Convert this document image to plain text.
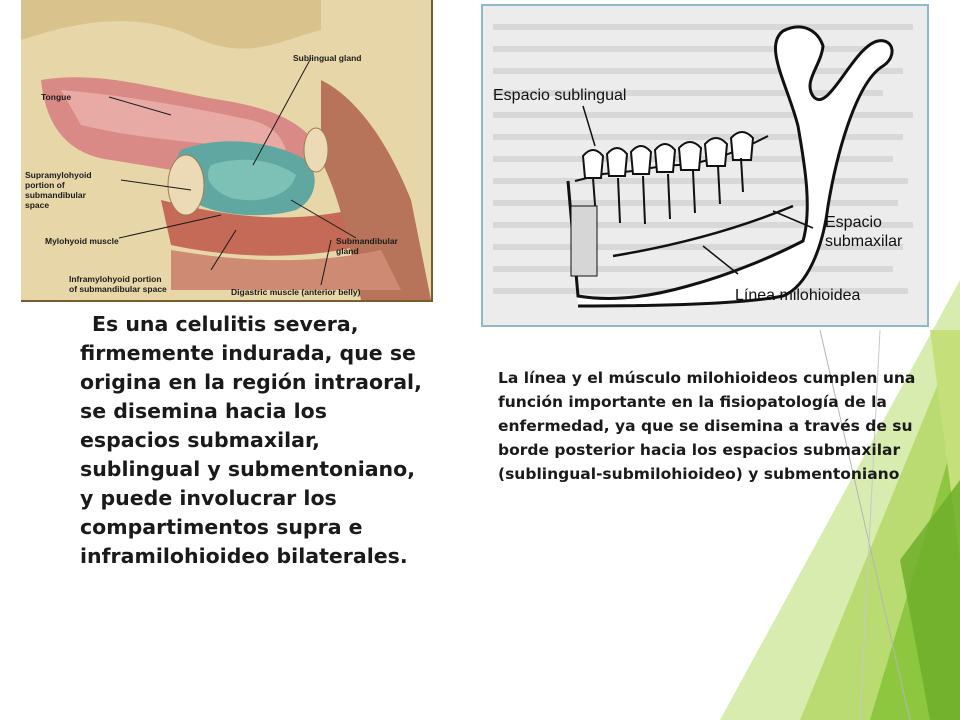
Sublingual gland
Tongue
Supramylohyoid
portion of
submandibular
space
Mylohyoid muscle	Submandibular
gland
Inframylohyoid portion
of submandibular space	Digastric muscle (anterior belly)
Espacio sublingual
Espacio
submaxilar
Línea milohioidea
Es una celulitis severa, firmemente indurada, que se origina en la región intraoral, se disemina hacia los espacios submaxilar, sublingual y submentoniano, y puede involucrar los compartimentos supra e inframilohioideo bilaterales.
La línea y el músculo milohioideos cumplen una función importante en la fisiopatología de la enfermedad, ya que se disemina a través de su borde posterior hacia los espacios submaxilar (sublingual-submilohioideo) y submentoniano
